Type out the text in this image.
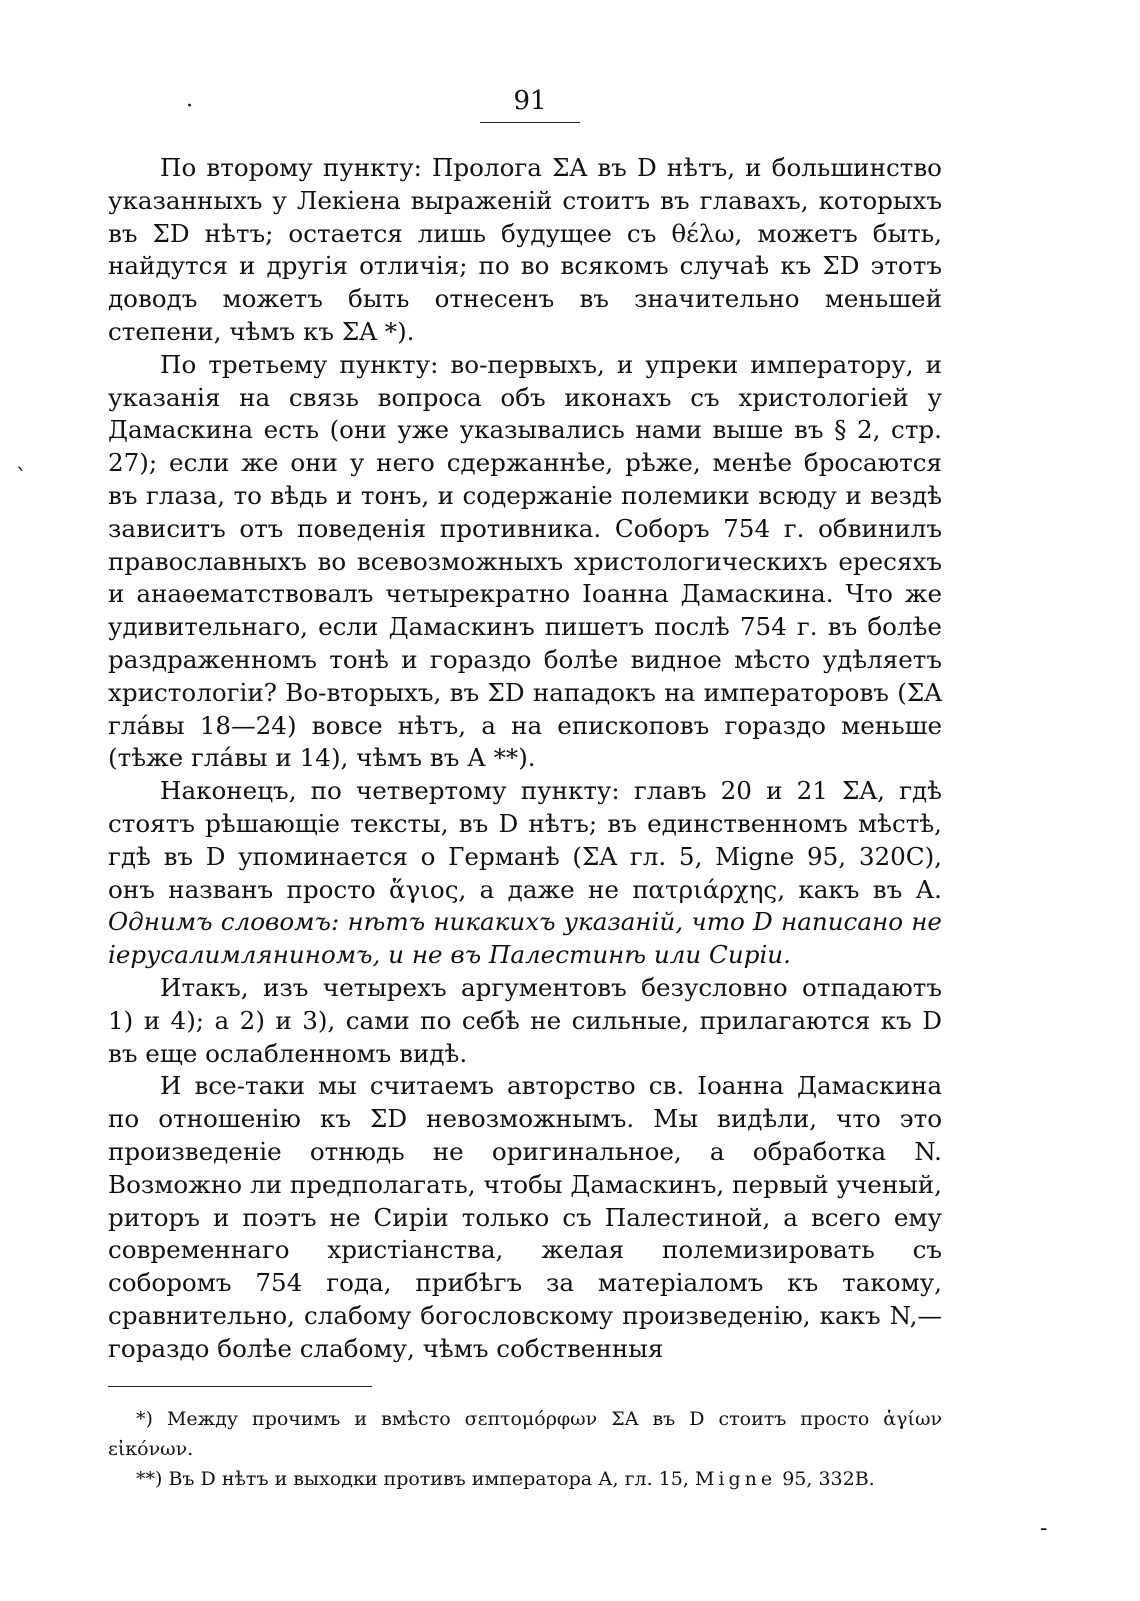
·
ˋ
-
91

По второму пункту: Пролога ΣΑ въ D нѣтъ, и большинство указанныхъ у Лекіена выраженій стоитъ въ главахъ, которыхъ въ ΣD нѣтъ; остается лишь будущее съ θέλω, можетъ быть, найдутся и другія отличія; по во всякомъ случаѣ къ ΣD этотъ доводъ можетъ быть отнесенъ въ значительно меньшей степени, чѣмъ къ ΣΑ *).

По третьему пункту: во-первыхъ, и упреки императору, и указанія на связь вопроса объ иконахъ съ христологіей у Дамаскина есть (они уже указывались нами выше въ § 2, стр. 27); если же они у него сдержаннѣе, рѣже, менѣе бросаются въ глаза, то вѣдь и тонъ, и содержаніе полемики всюду и вездѣ зависитъ отъ поведенія противника. Соборъ 754 г. обвинилъ православныхъ во всевозможныхъ христологическихъ ересяхъ и анаѳематствовалъ четырекратно Іоанна Дамаскина. Что же удивительнаго, если Дамаскинъ пишетъ послѣ 754 г. въ болѣе раздраженномъ тонѣ и гораздо болѣе видное мѣсто удѣляетъ христологіи? Во-вторыхъ, въ ΣD нападокъ на императоровъ (ΣΑ глáвы 18—24) вовсе нѣтъ, а на епископовъ гораздо меньше (тѣже глáвы и 14), чѣмъ въ А **).

Наконецъ, по четвертому пункту: главъ 20 и 21 ΣΑ, гдѣ стоятъ рѣшающіе тексты, въ D нѣтъ; въ единственномъ мѣстѣ, гдѣ въ D упоминается о Германѣ (ΣΑ гл. 5, Migne 95, 320С), онъ названъ просто ἅγιος, а даже не πατριάρχης, какъ въ А. Однимъ словомъ: нѣтъ никакихъ указаній, что D написано не іерусалимляниномъ, и не въ Палестинѣ или Сиріи.

Итакъ, изъ четырехъ аргументовъ безусловно отпадаютъ 1) и 4); а 2) и 3), сами по себѣ не сильные, прилагаются къ D въ еще ослабленномъ видѣ.

И все-таки мы считаемъ авторство св. Іоанна Дамаскина по отношенію къ ΣD невозможнымъ. Мы видѣли, что это произведеніе отнюдь не оригинальное, а обработка N. Возможно ли предполагать, чтобы Дамаскинъ, первый ученый, риторъ и поэтъ не Сиріи только съ Палестиной, а всего ему современнаго христіанства, желая полемизировать съ соборомъ 754 года, прибѣгъ за матеріаломъ къ такому, сравнительно, слабому богословскому произведенію, какъ N,— гораздо болѣе слабому, чѣмъ собственныя

*) Между прочимъ и вмѣсто σεπτομόρφων ΣΑ въ D стоитъ просто ἁγίων εἰκόνων.

**) Въ D нѣтъ и выходки противъ императора А, гл. 15, Migne 95, 332В.
